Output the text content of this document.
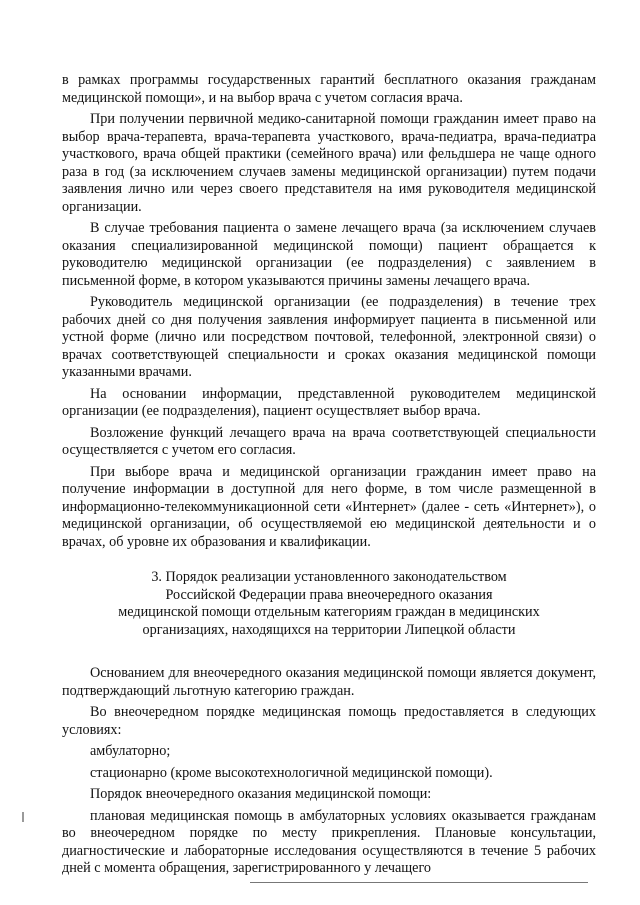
в рамках программы государственных гарантий бесплатного оказания гражданам медицинской помощи», и на выбор врача с учетом согласия врача.

При получении первичной медико-санитарной помощи гражданин имеет право на выбор врача-терапевта, врача-терапевта участкового, врача-педиатра, врача-педиатра участкового, врача общей практики (семейного врача) или фельдшера не чаще одного раза в год (за исключением случаев замены медицинской организации) путем подачи заявления лично или через своего представителя на имя руководителя медицинской организации.

В случае требования пациента о замене лечащего врача (за исключением случаев оказания специализированной медицинской помощи) пациент обращается к руководителю медицинской организации (ее подразделения) с заявлением в письменной форме, в котором указываются причины замены лечащего врача.

Руководитель медицинской организации (ее подразделения) в течение трех рабочих дней со дня получения заявления информирует пациента в письменной или устной форме (лично или посредством почтовой, телефонной, электронной связи) о врачах соответствующей специальности и сроках оказания медицинской помощи указанными врачами.

На основании информации, представленной руководителем медицинской организации (ее подразделения), пациент осуществляет выбор врача.

Возложение функций лечащего врача на врача соответствующей специальности осуществляется с учетом его согласия.

При выборе врача и медицинской организации гражданин имеет право на получение информации в доступной для него форме, в том числе размещенной в информационно-телекоммуникационной сети «Интернет» (далее - сеть «Интернет»), о медицинской организации, об осуществляемой ею медицинской деятельности и о врачах, об уровне их образования и квалификации.

3. Порядок реализации установленного законодательством
Российской Федерации права внеочередного оказания
медицинской помощи отдельным категориям граждан в медицинских
организациях, находящихся на территории Липецкой области

Основанием для внеочередного оказания медицинской помощи является документ, подтверждающий льготную категорию граждан.

Во внеочередном порядке медицинская помощь предоставляется в следующих условиях:

амбулаторно;

стационарно (кроме высокотехнологичной медицинской помощи).

Порядок внеочередного оказания медицинской помощи:

плановая медицинская помощь в амбулаторных условиях оказывается гражданам во внеочередном порядке по месту прикрепления. Плановые консультации, диагностические и лабораторные исследования осуществляются в течение 5 рабочих дней с момента обращения, зарегистрированного у лечащего
